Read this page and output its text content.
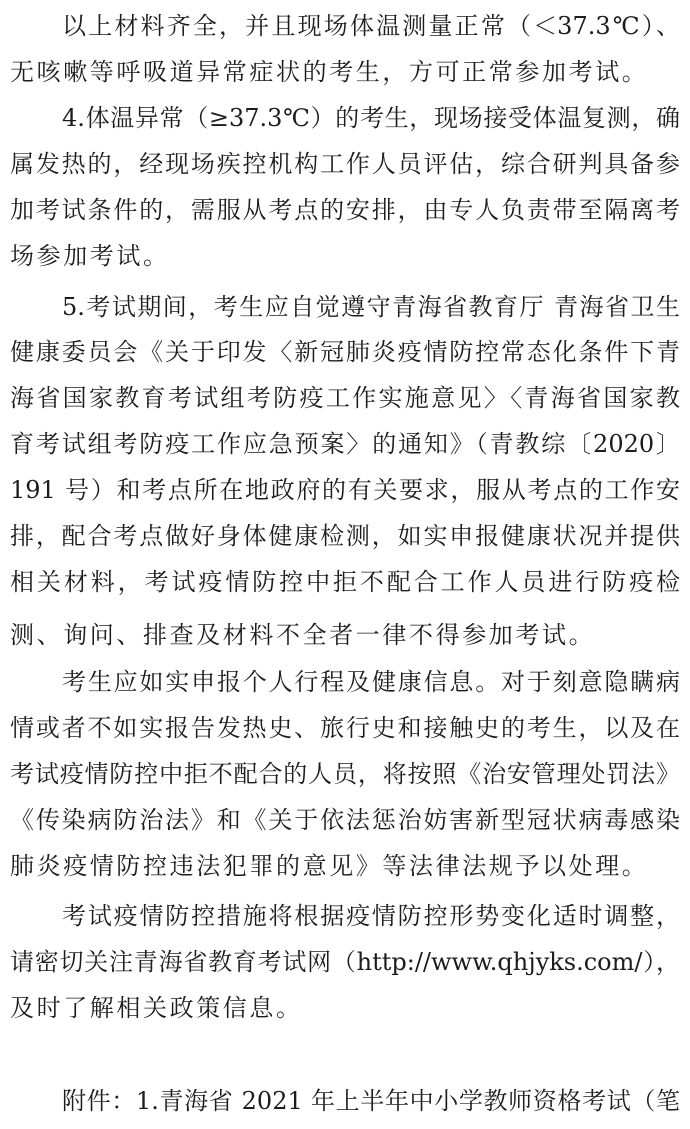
以上材料齐全，并且现场体温测量正常（＜37.3℃）、
无咳嗽等呼吸道异常症状的考生，方可正常参加考试。
4.体温异常（≥37.3℃）的考生，现场接受体温复测，确
属发热的，经现场疾控机构工作人员评估，综合研判具备参
加考试条件的，需服从考点的安排，由专人负责带至隔离考
场参加考试。
5.考试期间，考生应自觉遵守青海省教育厅 青海省卫生
健康委员会《关于印发〈新冠肺炎疫情防控常态化条件下青
海省国家教育考试组考防疫工作实施意见〉〈青海省国家教
育考试组考防疫工作应急预案〉的通知》（青教综〔2020〕
191 号）和考点所在地政府的有关要求，服从考点的工作安
排，配合考点做好身体健康检测，如实申报健康状况并提供
相关材料，考试疫情防控中拒不配合工作人员进行防疫检
测、询问、排查及材料不全者一律不得参加考试。
考生应如实申报个人行程及健康信息。对于刻意隐瞒病
情或者不如实报告发热史、旅行史和接触史的考生，以及在
考试疫情防控中拒不配合的人员，将按照《治安管理处罚法》
《传染病防治法》和《关于依法惩治妨害新型冠状病毒感染
肺炎疫情防控违法犯罪的意见》等法律法规予以处理。
考试疫情防控措施将根据疫情防控形势变化适时调整，
请密切关注青海省教育考试网（http://www.qhjyks.com/），
及时了解相关政策信息。
附件：1.青海省 2021 年上半年中小学教师资格考试（笔
